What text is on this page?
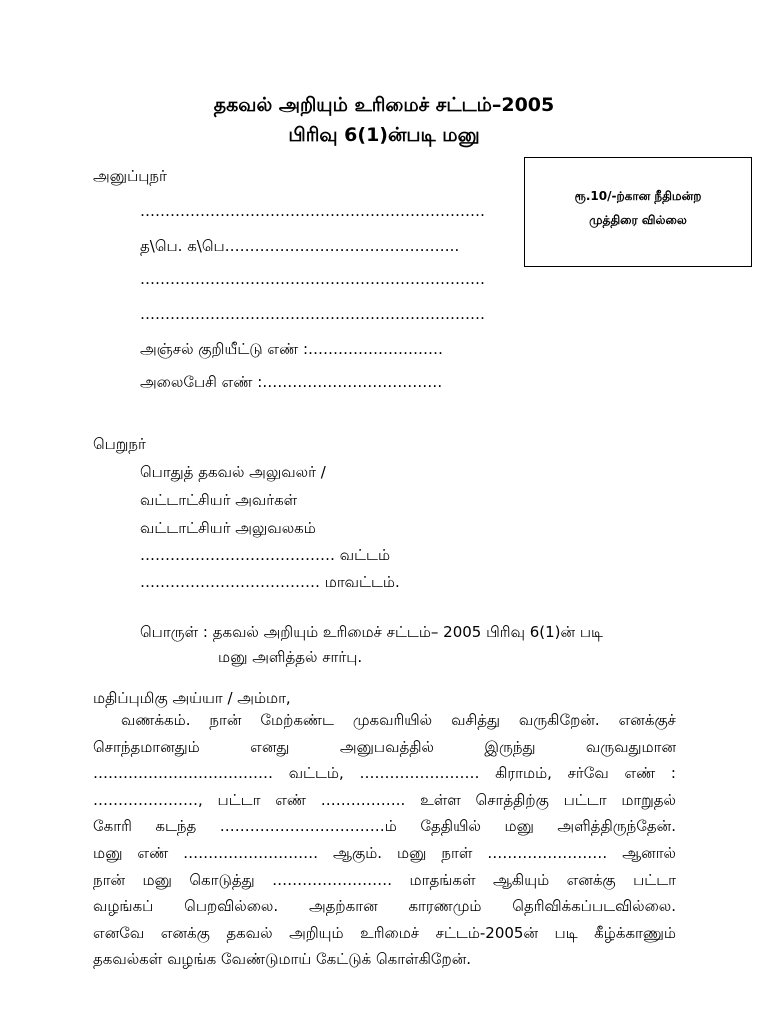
தகவல் அறியும் உரிமைச் சட்டம்–2005
பிரிவு 6(1)ன்படி மனு
ரூ.10/-ற்கான நீதிமன்ற
முத்திரை வில்லை
அனுப்புநர்
……………………………………………………………
த\பெ. க\பெ………………………………………..
……………………………………………………………
……………………………………………………………
அஞ்சல் குறியீட்டு எண் :………………………
அலைபேசி எண் :………………………………
பெறுநர்
பொதுத் தகவல் அலுவலர் /
வட்டாட்சியர் அவர்கள்
வட்டாட்சியர் அலுவலகம்
………………………………… வட்டம்
……………………………… மாவட்டம்.
பொருள் : தகவல் அறியும் உரிமைச் சட்டம்– 2005 பிரிவு 6(1)ன் படி
மனு அளித்தல் சார்பு.
மதிப்புமிகு அய்யா / அம்மா,
வணக்கம். நான் மேற்கண்ட முகவரியில் வசித்து வருகிறேன். எனக்குச்
சொந்தமானதும் எனது அனுபவத்தில் இருந்து வருவதுமான
……………………………… வட்டம், …………………… கிராமம், சர்வே எண் :
…………………, பட்டா எண் …………….. உள்ள சொத்திற்கு பட்டா மாறுதல்
கோரி கடந்த ……………………………ம் தேதியில் மனு அளித்திருந்தேன்.
மனு எண் ……………………… ஆகும். மனு நாள் …………………… ஆனால்
நான் மனு கொடுத்து …………………… மாதங்கள் ஆகியும் எனக்கு பட்டா
வழங்கப் பெறவில்லை. அதற்கான காரணமும் தெரிவிக்கப்படவில்லை.
எனவே எனக்கு தகவல் அறியும் உரிமைச் சட்டம்-2005ன் படி கீழ்க்காணும்
தகவல்கள் வழங்க வேண்டுமாய் கேட்டுக் கொள்கிறேன்.
